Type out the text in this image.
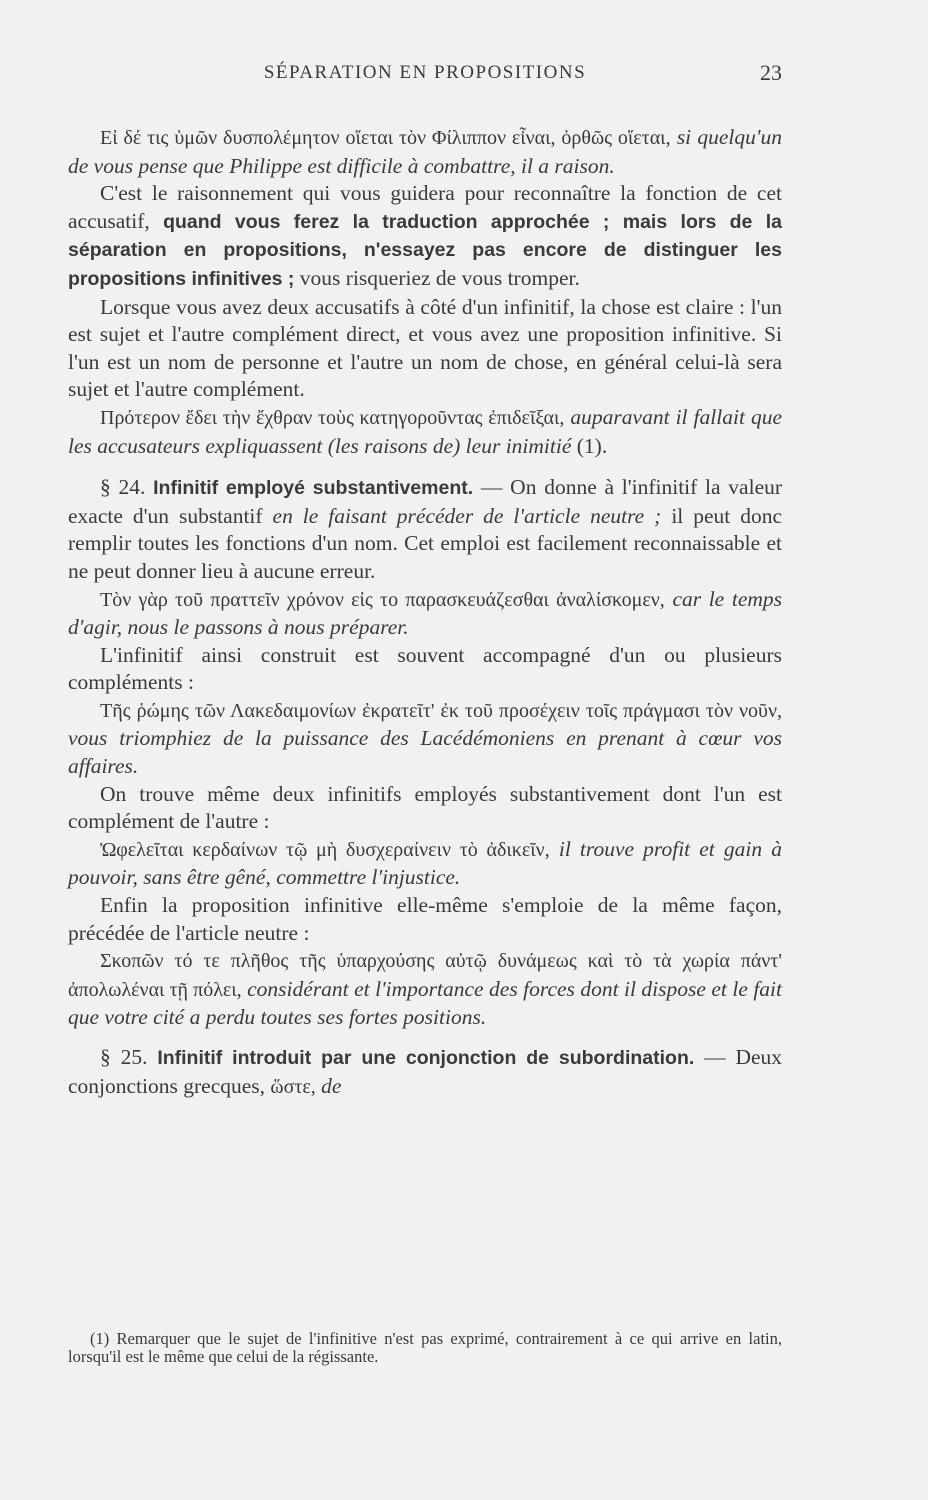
SÉPARATION EN PROPOSITIONS	23

Εἰ δέ τις ὑμῶν δυσπολέμητον οἴεται τὸν Φίλιππον εἶναι, ὀρθῶς οἴεται, si quelqu'un de vous pense que Philippe est difficile à combattre, il a raison.

C'est le raisonnement qui vous guidera pour reconnaître la fonction de cet accusatif, quand vous ferez la traduction approchée ; mais lors de la séparation en propositions, n'essayez pas encore de distinguer les propositions infinitives ; vous risqueriez de vous tromper.

Lorsque vous avez deux accusatifs à côté d'un infinitif, la chose est claire : l'un est sujet et l'autre complément direct, et vous avez une proposition infinitive. Si l'un est un nom de personne et l'autre un nom de chose, en général celui-là sera sujet et l'autre complément.

Πρότερον ἔδει τὴν ἔχθραν τοὺς κατηγοροῦντας ἐπιδεῖξαι, auparavant il fallait que les accusateurs expliquassent (les raisons de) leur inimitié (1).

§ 24. Infinitif employé substantivement. — On donne à l'infinitif la valeur exacte d'un substantif en le faisant précéder de l'article neutre ; il peut donc remplir toutes les fonctions d'un nom. Cet emploi est facilement reconnaissable et ne peut donner lieu à aucune erreur.

Τὸν γὰρ τοῦ πραττεῖν χρόνον εἰς το παρασκευάζεσθαι ἀναλίσκομεν, car le temps d'agir, nous le passons à nous préparer.

L'infinitif ainsi construit est souvent accompagné d'un ou plusieurs compléments :

Τῆς ῥώμης τῶν Λακεδαιμονίων ἐκρατεῖτ' ἐκ τοῦ προσέχειν τοῖς πράγμασι τὸν νοῦν, vous triomphiez de la puissance des Lacédémoniens en prenant à cœur vos affaires.

On trouve même deux infinitifs employés substantivement dont l'un est complément de l'autre :

Ὠφελεῖται κερδαίνων τῷ μὴ δυσχεραίνειν τὸ ἀδικεῖν, il trouve profit et gain à pouvoir, sans être gêné, commettre l'injustice.

Enfin la proposition infinitive elle-même s'emploie de la même façon, précédée de l'article neutre :

Σκοπῶν τό τε πλῆθος τῆς ὑπαρχούσης αὐτῷ δυνάμεως καὶ τὸ τὰ χωρία πάντ' ἀπολωλέναι τῇ πόλει, considérant et l'importance des forces dont il dispose et le fait que votre cité a perdu toutes ses fortes positions.

§ 25. Infinitif introduit par une conjonction de subordination. — Deux conjonctions grecques, ὥστε, de

(1) Remarquer que le sujet de l'infinitive n'est pas exprimé, contrairement à ce qui arrive en latin, lorsqu'il est le même que celui de la régissante.
